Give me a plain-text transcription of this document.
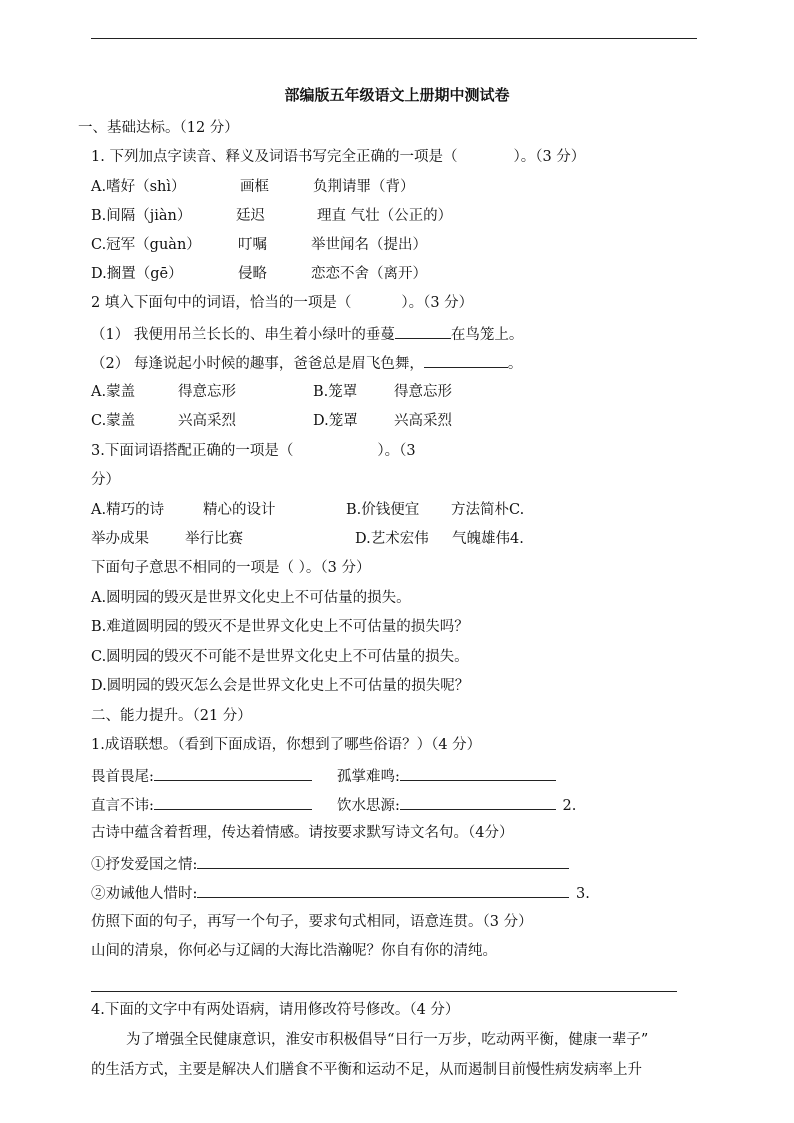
部编版五年级语文上册期中测试卷
一、基础达标。（12 分）
1. 下列加点字读音、释义及词语书写完全正确的一项是（	）。（3 分）
A.嗜好（shì）	画框	负荆请罪（背）
B.间隔（jiàn）	廷迟	理直 气壮（公正的）
C.冠军（guàn）	叮嘱	举世闻名（提出）
D.搁置（gē）	侵略	恋恋不舍（离开）
2 填入下面句中的词语，恰当的一项是（	）。（3 分）
（1） 我便用吊兰长长的、串生着小绿叶的垂蔓	在鸟笼上。
（2） 每逢说起小时候的趣事，爸爸总是眉飞色舞，	。
A.蒙盖	得意忘形	B.笼罩	得意忘形
C.蒙盖	兴高采烈	D.笼罩	兴高采烈
3.下面词语搭配正确的一项是（	）。（3
分）
A.精巧的诗	精心的设计	B.价钱便宜 方法简朴C.
举办成果 举行比赛	D.艺术宏伟 气魄雄伟4.
下面句子意思不相同的一项是（ ）。（3 分）
A.圆明园的毁灭是世界文化史上不可估量的损失。
B.难道圆明园的毁灭不是世界文化史上不可估量的损失吗？
C.圆明园的毁灭不可能不是世界文化史上不可估量的损失。
D.圆明园的毁灭怎么会是世界文化史上不可估量的损失呢？
二、能力提升。（21 分）
1.成语联想。（看到下面成语，你想到了哪些俗语？）（4 分）
畏首畏尾:	孤掌难鸣:
直言不讳:	饮水思源:	2.
古诗中蕴含着哲理，传达着情感。请按要求默写诗文名句。（4分）
①抒发爱国之情:
②劝诫他人惜时:	3.
仿照下面的句子，再写一个句子，要求句式相同，语意连贯。（3 分）
山间的清泉，你何必与辽阔的大海比浩瀚呢？你自有你的清纯。
4.下面的文字中有两处语病，请用修改符号修改。（4 分）
为了增强全民健康意识，淮安市积极倡导“日行一万步，吃动两平衡，健康一辈子”
的生活方式，主要是解决人们膳食不平衡和运动不足，从而遏制目前慢性病发病率上升
